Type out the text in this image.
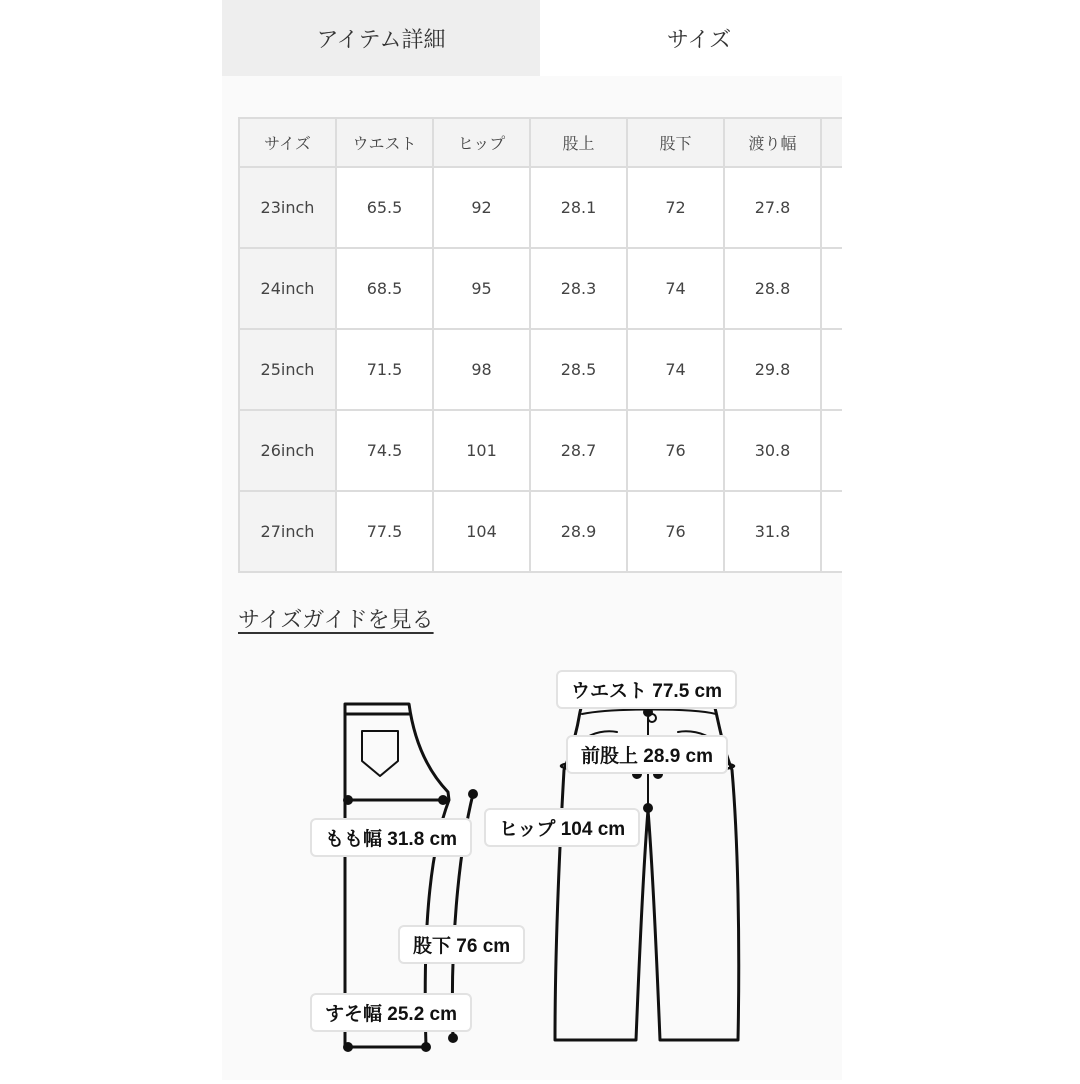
アイテム詳細	サイズ
サイズ	ウエスト	ヒップ	股上	股下	渡り幅	
23inch	65.5	92	28.1	72	27.8	
24inch	68.5	95	28.3	74	28.8	
25inch	71.5	98	28.5	74	29.8	
26inch	74.5	101	28.7	76	30.8	
27inch	77.5	104	28.9	76	31.8	
サイズガイドを見る
ウエスト 77.5 cm
前股上 28.9 cm
ヒップ 104 cm
もも幅 31.8 cm
股下 76 cm
すそ幅 25.2 cm
